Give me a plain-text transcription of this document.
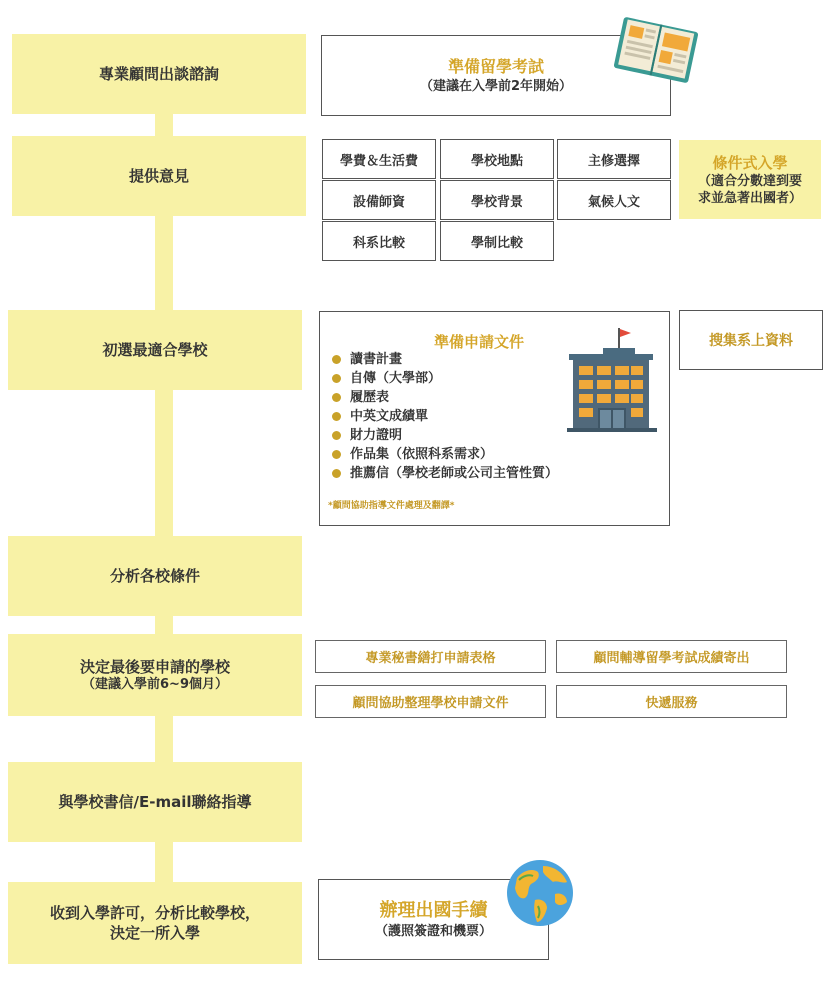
專業顧問出談諮詢
提供意見
初選最適合學校
分析各校條件
決定最後要申請的學校
（建議入學前6~9個月）
與學校書信/E-mail聯絡指導
收到入學許可，分析比較學校，
決定一所入學
準備留學考試
（建議在入學前2年開始）
學費＆生活費	學校地點	主修選擇
設備師資	學校背景	氣候人文
科系比較	學制比較
條件式入學
（適合分數達到要
求並急著出國者）
準備申請文件
讀書計畫
自傳（大學部）
履歷表
中英文成績單
財力證明
作品集（依照科系需求）
推薦信（學校老師或公司主管性質）
*顧問協助指導文件處理及翻譯*
搜集系上資料
專業秘書繕打申請表格	顧問輔導留學考試成績寄出
顧問協助整理學校申請文件	快遞服務
辦理出國手續
（護照簽證和機票）
